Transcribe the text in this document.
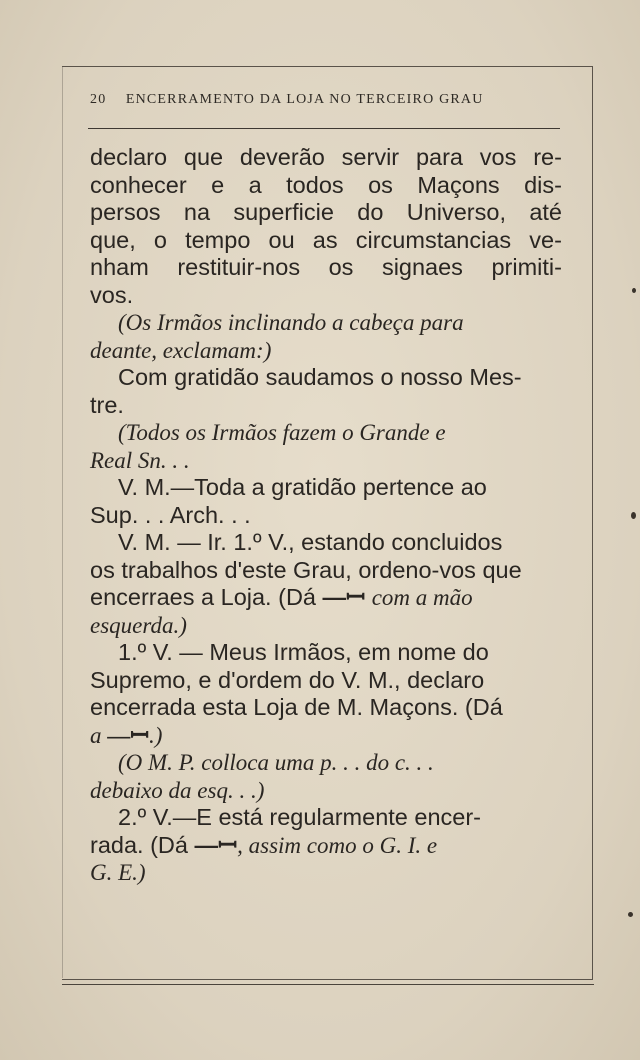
20 ENCERRAMENTO DA LOJA NO TERCEIRO GRAU
declaro que deverão servir para vos re-
conhecer e a todos os Maçons dis-
persos na superficie do Universo, até
que, o tempo ou as circumstancias ve-
nham restituir-nos os signaes primiti-
vos.
(Os Irmãos inclinando a cabeça para
deante, exclamam:)
Com gratidão saudamos o nosso Mes-
tre.
(Todos os Irmãos fazem o Grande e
Real Sn. . .
V. M.—Toda a gratidão pertence ao
Sup. . . Arch. . .
V. M. — Ir. 1.º V., estando concluidos
os trabalhos d'este Grau, ordeno-vos que
encerraes a Loja. (Dá —ꟷ com a mão
esquerda.)
1.º V. — Meus Irmãos, em nome do
Supremo, e d'ordem do V. M., declaro
encerrada esta Loja de M. Maçons. (Dá
a —ꟷ.)
(O M. P. colloca uma p. . . do c. . .
debaixo da esq. . .)
2.º V.—E está regularmente encer-
rada. (Dá —ꟷ, assim como o G. I. e
G. E.)
